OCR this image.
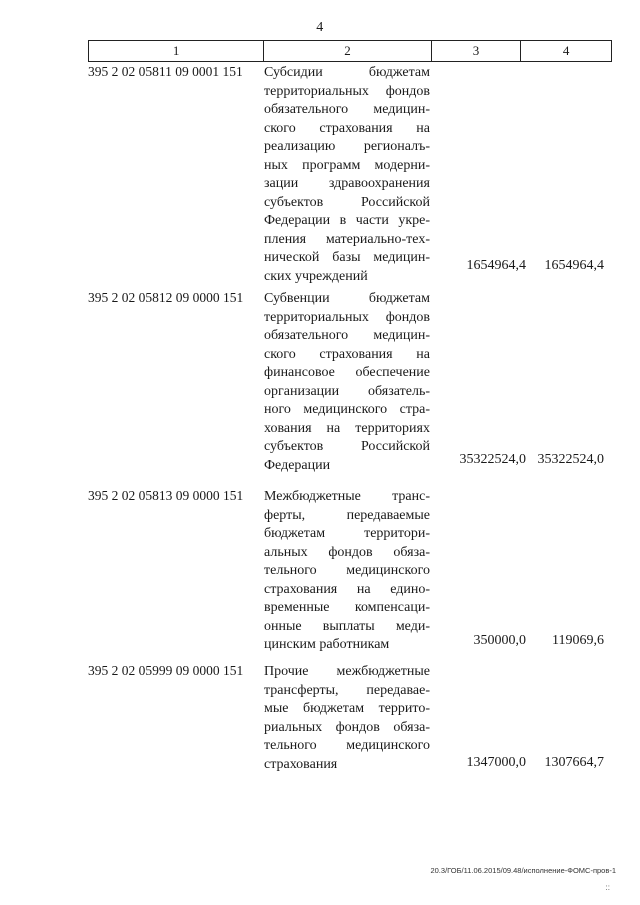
4
1	2	3	4
395 2 02 05811 09 0001 151	Субсидии бюджетам
территориальных фондов
обязательного медицин-
ского страхования на
реализацию регионалъ-
ных программ модерни-
зации здравоохранения
субъектов Российской
Федерации в части укре-
пления материально-тех-
нической базы медицин-
ских учреждений
1654964,4	1654964,4
395 2 02 05812 09 0000 151	Субвенции бюджетам
территориальных фондов
обязательного медицин-
ского страхования на
финансовое обеспечение
организации обязатель-
ного медицинского стра-
хования на территориях
субъектов Российской
Федерации	35322524,0 35322524,0
395 2 02 05813 09 0000 151	Межбюджетные транс-
ферты, передаваемые
бюджетам территори-
альных фондов обяза-
тельного медицинского
страхования на едино-
временные компенсаци-
онные выплаты меди-
цинским работникам	350000,0	119069,6
395 2 02 05999 09 0000 151	Прочие межбюджетные
трансферты, передавае-
мые бюджетам террито-
риальных фондов обяза-
тельного медицинского
страхования	1347000,0	1307664,7
20.3/ГОБ/11.06.2015/09.48/исполнение-ФОМС-пров-1
::
